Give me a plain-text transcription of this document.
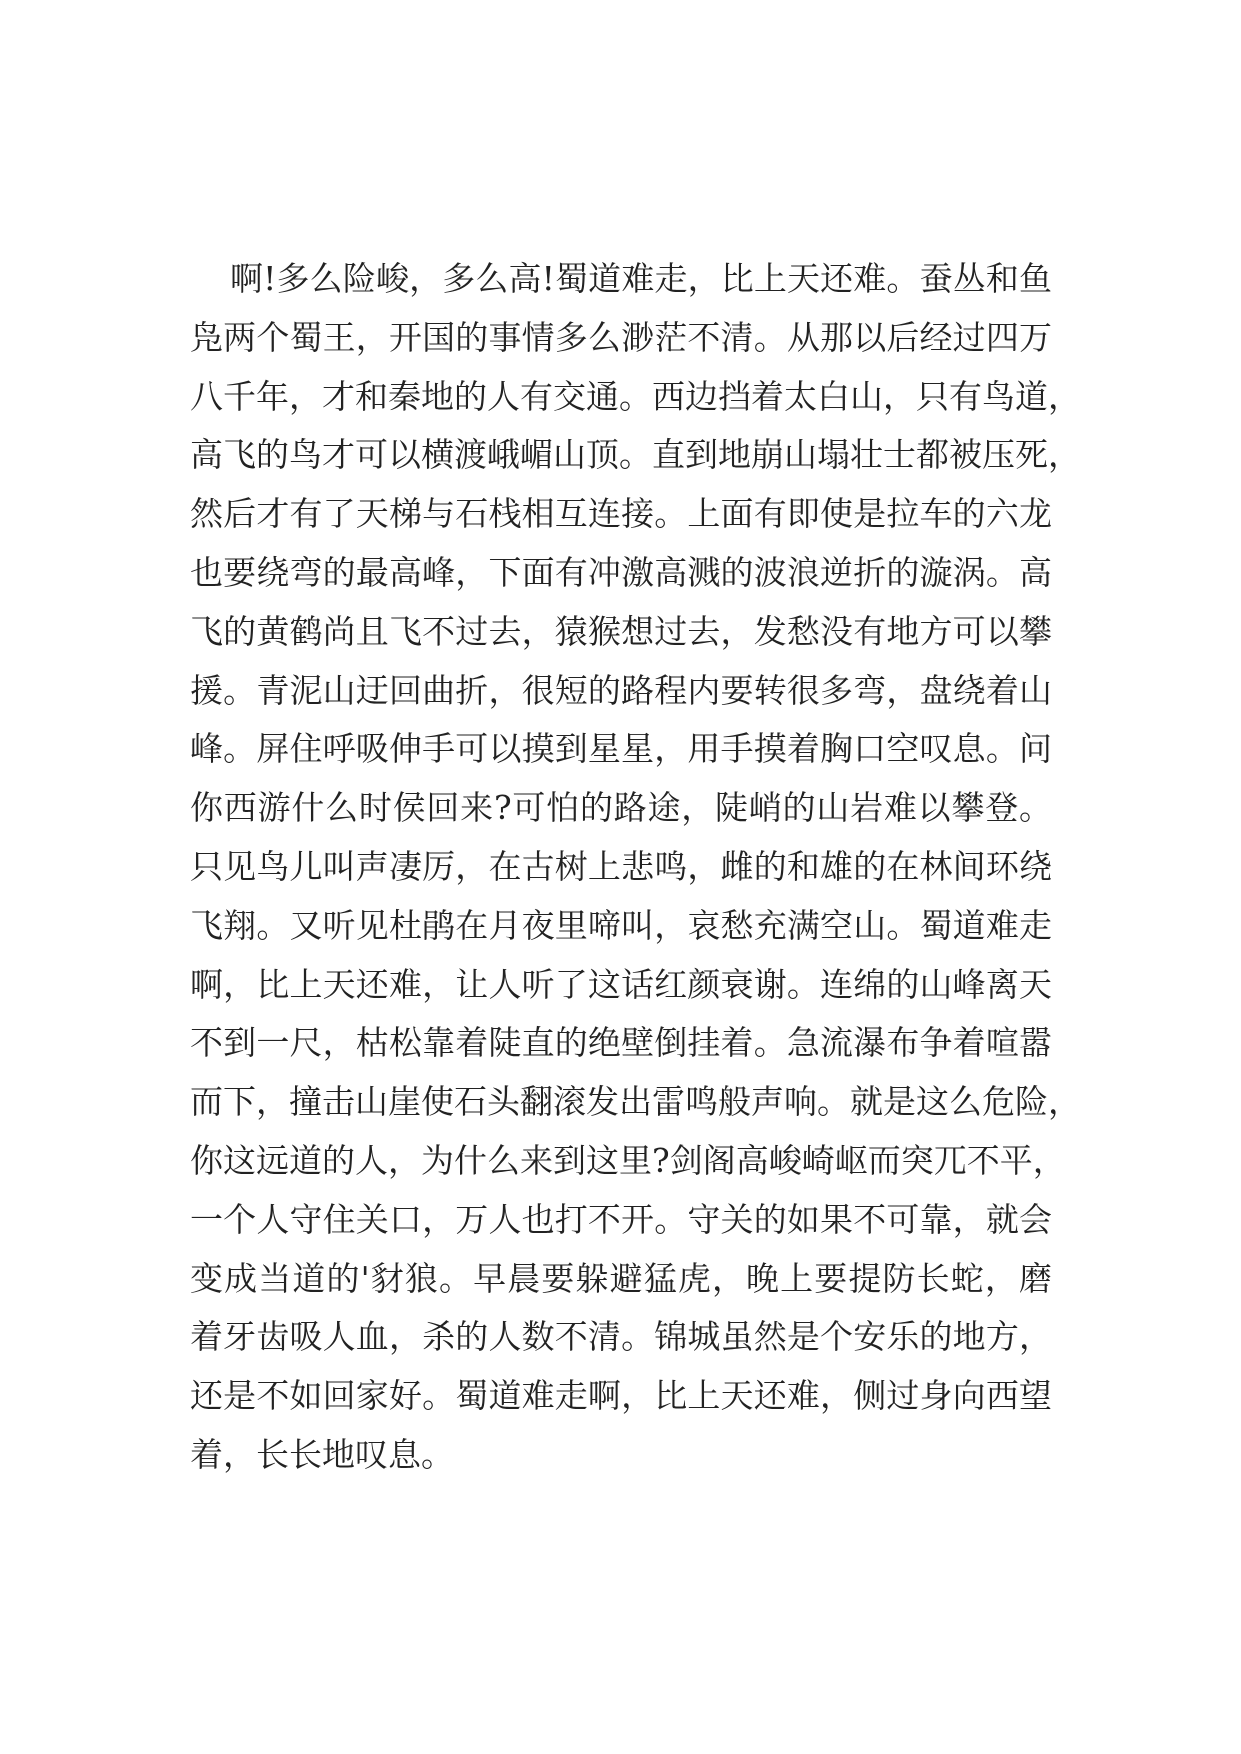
啊!多么险峻，多么高!蜀道难走，比上天还难。蚕丛和鱼
凫两个蜀王，开国的事情多么渺茫不清。从那以后经过四万
八千年，才和秦地的人有交通。西边挡着太白山，只有鸟道，
高飞的鸟才可以横渡峨嵋山顶。直到地崩山塌壮士都被压死，
然后才有了天梯与石栈相互连接。上面有即使是拉车的六龙
也要绕弯的最高峰，下面有冲激高溅的波浪逆折的漩涡。高
飞的黄鹤尚且飞不过去，猿猴想过去，发愁没有地方可以攀
援。青泥山迂回曲折，很短的路程内要转很多弯，盘绕着山
峰。屏住呼吸伸手可以摸到星星，用手摸着胸口空叹息。问
你西游什么时侯回来?可怕的路途，陡峭的山岩难以攀登。
只见鸟儿叫声凄厉，在古树上悲鸣，雌的和雄的在林间环绕
飞翔。又听见杜鹃在月夜里啼叫，哀愁充满空山。蜀道难走
啊，比上天还难，让人听了这话红颜衰谢。连绵的山峰离天
不到一尺，枯松靠着陡直的绝壁倒挂着。急流瀑布争着喧嚣
而下，撞击山崖使石头翻滚发出雷鸣般声响。就是这么危险，
你这远道的人，为什么来到这里?剑阁高峻崎岖而突兀不平，
一个人守住关口，万人也打不开。守关的如果不可靠，就会
变成当道的'豺狼。早晨要躲避猛虎，晚上要提防长蛇，磨
着牙齿吸人血，杀的人数不清。锦城虽然是个安乐的地方，
还是不如回家好。蜀道难走啊，比上天还难，侧过身向西望
着，长长地叹息。
